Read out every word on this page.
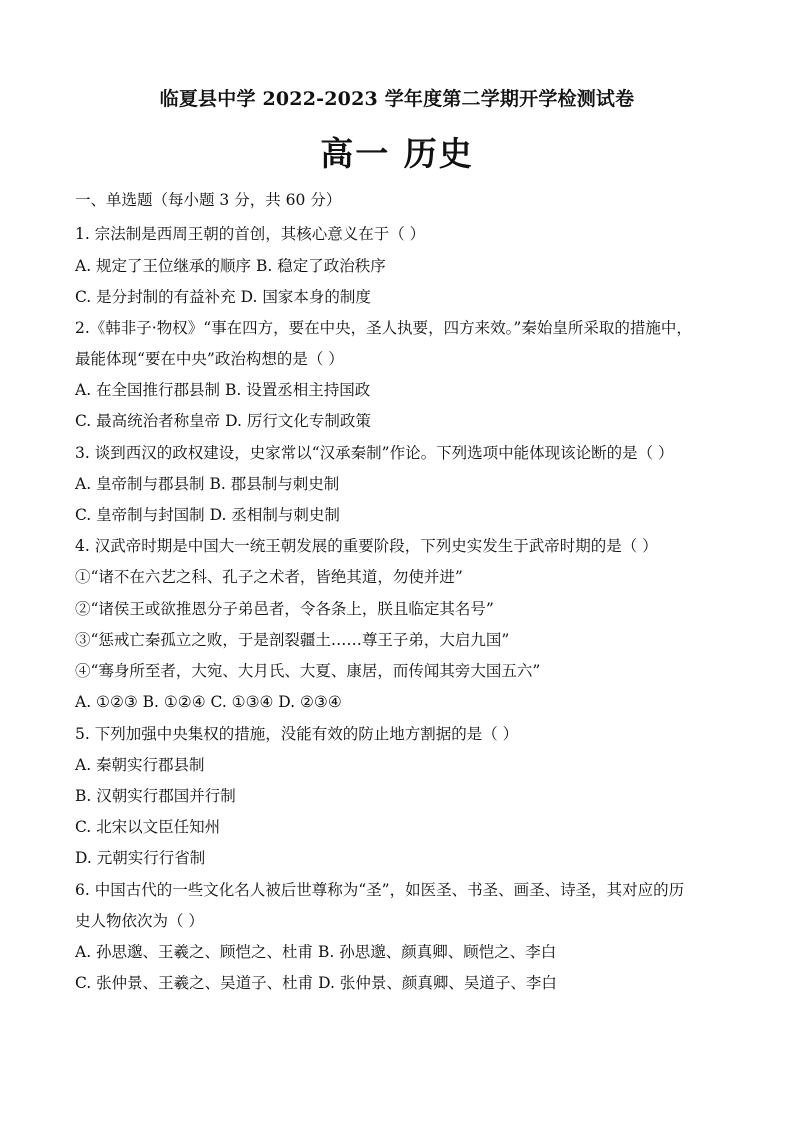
临夏县中学 2022-2023 学年度第二学期开学检测试卷
高一 历史
一、单选题（每小题 3 分，共 60 分）
1. 宗法制是西周王朝的首创，其核心意义在于（ ）
A. 规定了王位继承的顺序 B. 稳定了政治秩序
C. 是分封制的有益补充 D. 国家本身的制度
2.《韩非子·物权》“事在四方，要在中央，圣人执要，四方来效。”秦始皇所采取的措施中，
最能体现“要在中央”政治构想的是（ ）
A. 在全国推行郡县制 B. 设置丞相主持国政
C. 最高统治者称皇帝 D. 厉行文化专制政策
3. 谈到西汉的政权建设，史家常以“汉承秦制”作论。下列选项中能体现该论断的是（ ）
A. 皇帝制与郡县制 B. 郡县制与刺史制
C. 皇帝制与封国制 D. 丞相制与刺史制
4. 汉武帝时期是中国大一统王朝发展的重要阶段，下列史实发生于武帝时期的是（ ）
①“诸不在六艺之科、孔子之术者，皆绝其道，勿使并进”
②“诸侯王或欲推恩分子弟邑者，令各条上，朕且临定其名号”
③“惩戒亡秦孤立之败，于是剖裂疆土……尊王子弟，大启九国”
④“骞身所至者，大宛、大月氏、大夏、康居，而传闻其旁大国五六”
A. ①②③ B. ①②④ C. ①③④ D. ②③④
5. 下列加强中央集权的措施，没能有效的防止地方割据的是（ ）
A. 秦朝实行郡县制
B. 汉朝实行郡国并行制
C. 北宋以文臣任知州
D. 元朝实行行省制
6. 中国古代的一些文化名人被后世尊称为“圣”，如医圣、书圣、画圣、诗圣，其对应的历
史人物依次为（ ）
A. 孙思邈、王羲之、顾恺之、杜甫 B. 孙思邈、颜真卿、顾恺之、李白
C. 张仲景、王羲之、吴道子、杜甫 D. 张仲景、颜真卿、吴道子、李白
